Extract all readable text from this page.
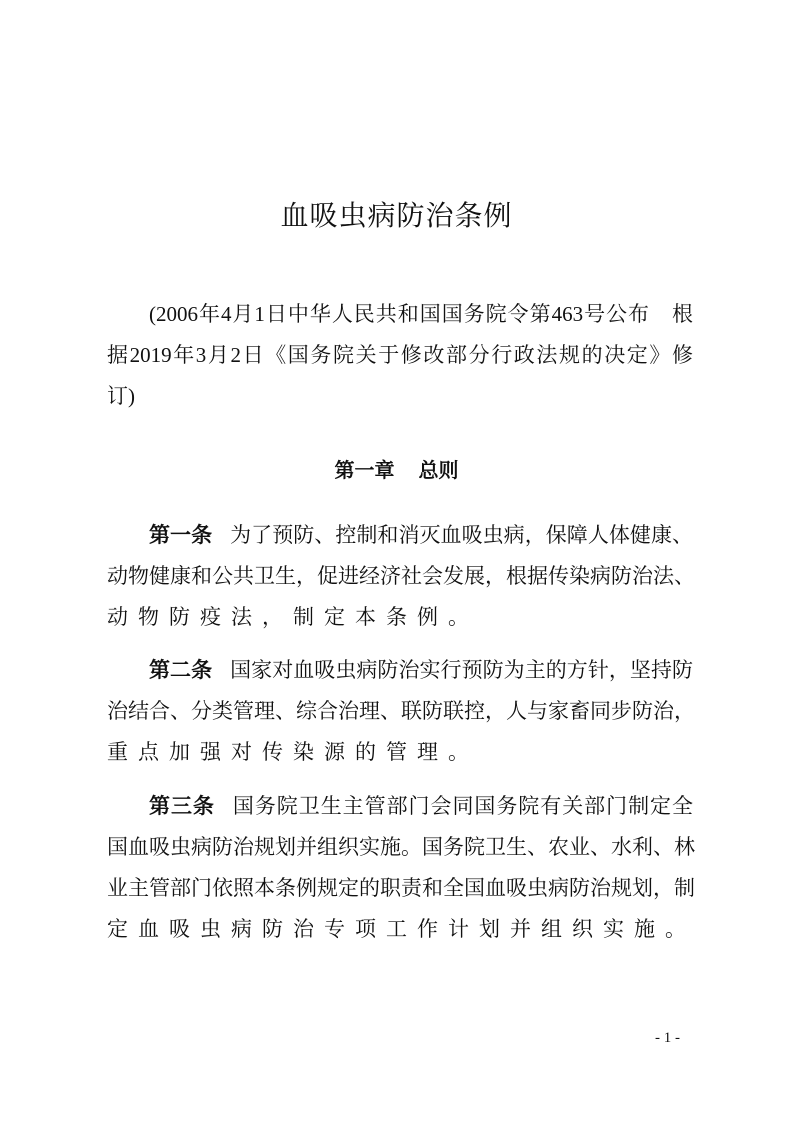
血吸虫病防治条例
(2006年4月1日中华人民共和国国务院令第463号公布　根
据2019年3月2日《国务院关于修改部分行政法规的决定》修
订)
第一章 总则
第一条 为了预防、控制和消灭血吸虫病，保障人体健康、
动物健康和公共卫生，促进经济社会发展，根据传染病防治法、
动物防疫法，制定本条例。
第二条 国家对血吸虫病防治实行预防为主的方针，坚持防
治结合、分类管理、综合治理、联防联控，人与家畜同步防治，
重点加强对传染源的管理。
第三条 国务院卫生主管部门会同国务院有关部门制定全
国血吸虫病防治规划并组织实施。国务院卫生、农业、水利、林
业主管部门依照本条例规定的职责和全国血吸虫病防治规划，制
定血吸虫病防治专项工作计划并组织实施。
- 1 -
